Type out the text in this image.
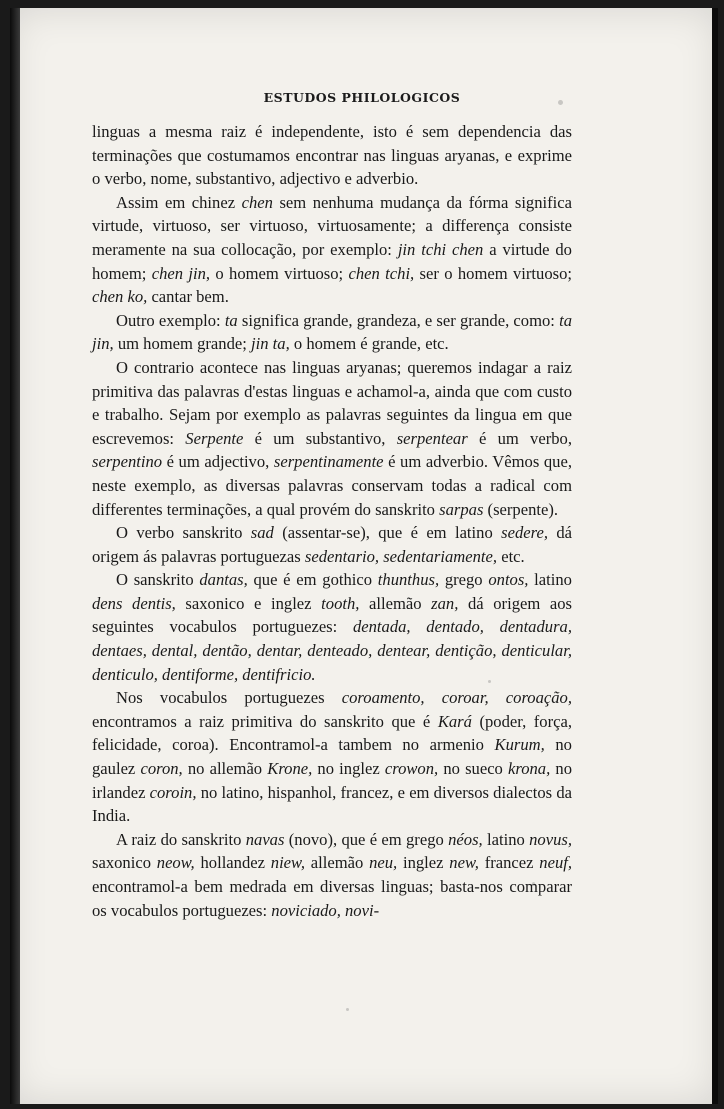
ESTUDOS PHILOLOGICOS

linguas a mesma raiz é independente, isto é sem dependencia das terminações que costumamos encontrar nas linguas aryanas, e exprime o verbo, nome, substantivo, adjectivo e adverbio.

Assim em chinez chen sem nenhuma mudança da fórma significa virtude, virtuoso, ser virtuoso, virtuosamente; a differença consiste meramente na sua collocação, por exemplo: jin tchi chen a virtude do homem; chen jin, o homem virtuoso; chen tchi, ser o homem virtuoso; chen ko, cantar bem.

Outro exemplo: ta significa grande, grandeza, e ser grande, como: ta jin, um homem grande; jin ta, o homem é grande, etc.

O contrario acontece nas linguas aryanas; queremos indagar a raiz primitiva das palavras d'estas linguas e achamol-a, ainda que com custo e trabalho. Sejam por exemplo as palavras seguintes da lingua em que escrevemos: Serpente é um substantivo, serpentear é um verbo, serpentino é um adjectivo, serpentinamente é um adverbio. Vêmos que, neste exemplo, as diversas palavras conservam todas a radical com differentes terminações, a qual provém do sanskrito sarpas (serpente).

O verbo sanskrito sad (assentar-se), que é em latino sedere, dá origem ás palavras portuguezas sedentario, sedentariamente, etc.

O sanskrito dantas, que é em gothico thunthus, grego ontos, latino dens dentis, saxonico e inglez tooth, allemão zan, dá origem aos seguintes vocabulos portuguezes: dentada, dentado, dentadura, dentaes, dental, dentão, dentar, denteado, dentear, dentição, denticular, denticulo, dentiforme, dentifricio.

Nos vocabulos portuguezes coroamento, coroar, coroação, encontramos a raiz primitiva do sanskrito que é Kará (poder, força, felicidade, coroa). Encontramol-a tambem no armenio Kurum, no gaulez coron, no allemão Krone, no inglez crowon, no sueco krona, no irlandez coroin, no latino, hispanhol, francez, e em diversos dialectos da India.

A raiz do sanskrito navas (novo), que é em grego néos, latino novus, saxonico neow, hollandez niew, allemão neu, inglez new, francez neuf, encontramol-a bem medrada em diversas linguas; basta-nos comparar os vocabulos portuguezes: noviciado, novi-
